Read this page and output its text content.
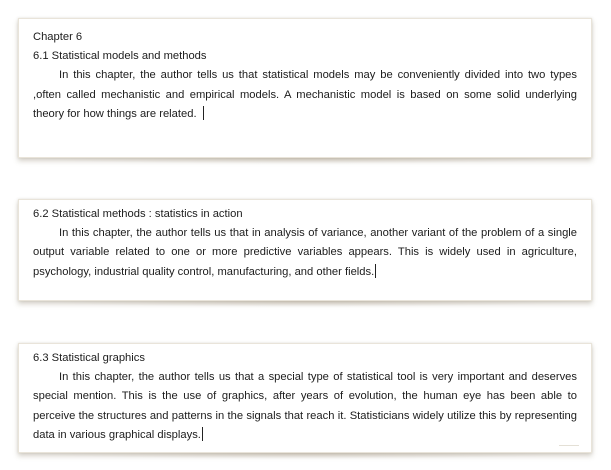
Chapter 6
6.1 Statistical models and methods
In this chapter, the author tells us that statistical models may be conveniently divided into two types ,often called mechanistic and empirical models. A mechanistic model is based on some solid underlying theory for how things are related.
6.2 Statistical methods : statistics in action
In this chapter, the author tells us that in analysis of variance, another variant of the problem of a single output variable related to one or more predictive variables appears. This is widely used in agriculture, psychology, industrial quality control, manufacturing, and other fields.
6.3 Statistical graphics
In this chapter, the author tells us that a special type of statistical tool is very important and deserves special mention. This is the use of graphics, after years of evolution, the human eye has been able to perceive the structures and patterns in the signals that reach it. Statisticians widely utilize this by representing data in various graphical displays.
